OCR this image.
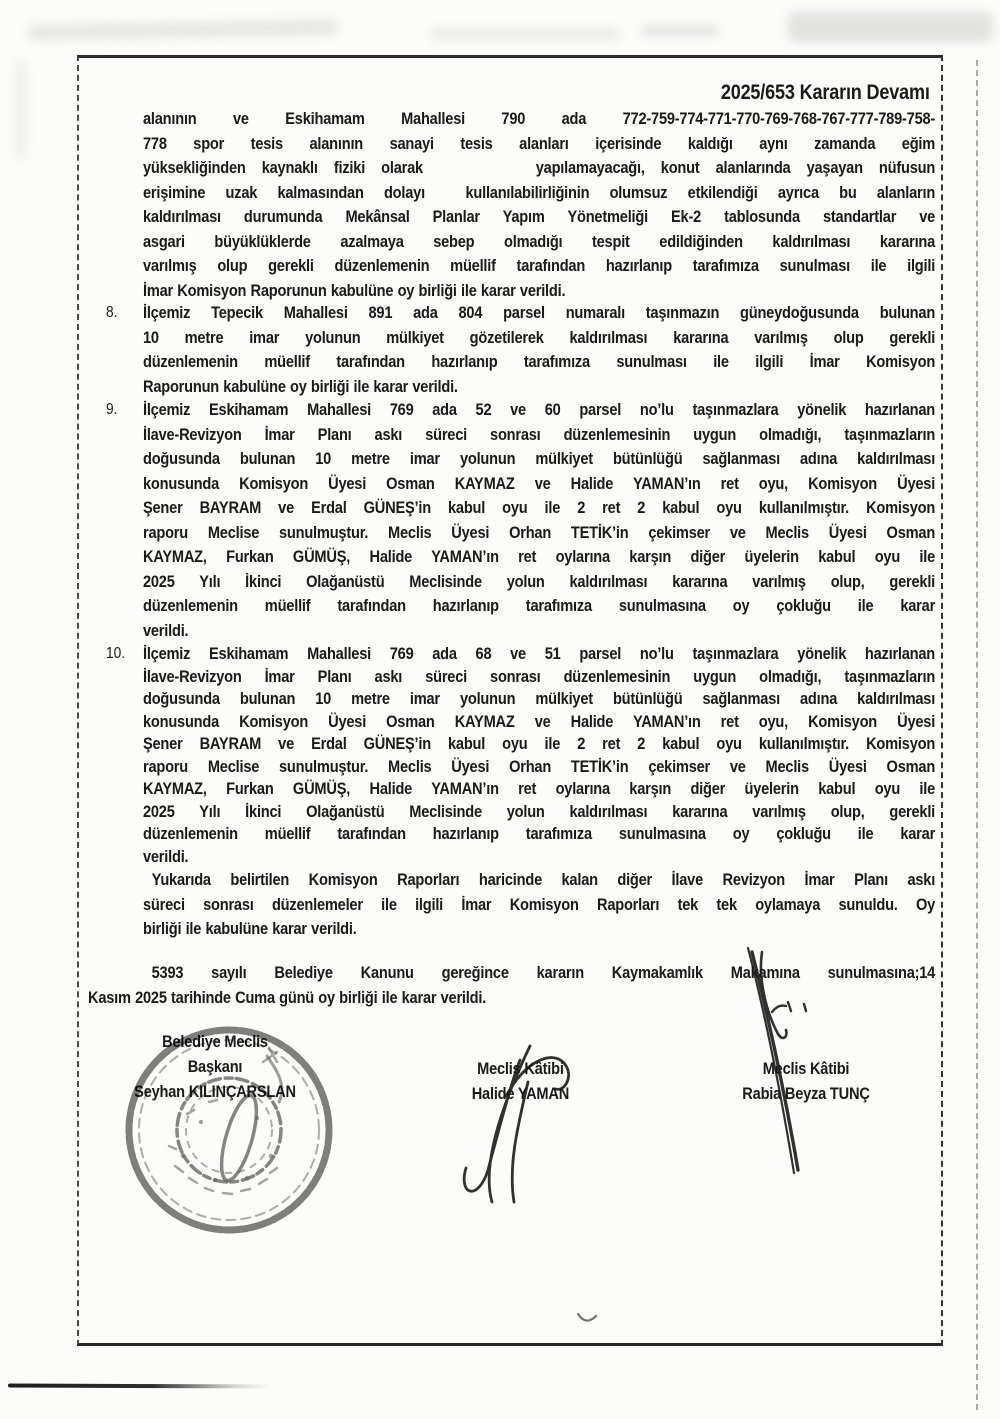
2025/653 Kararın Devamı
alanının ve Eskihamam Mahallesi 790 ada 772-759-774-771-770-769-768-767-777-789-758-
778 spor tesis alanının sanayi tesis alanları içerisinde kaldığı aynı zamanda eğim
yüksekliğinden kaynaklı fiziki olarak       yapılamayacağı, konut alanlarında yaşayan nüfusun
erişimine uzak kalmasından dolayı  kullanılabilirliğinin olumsuz etkilendiği ayrıca bu alanların
kaldırılması durumunda Mekânsal Planlar Yapım Yönetmeliği Ek-2 tablosunda standartlar ve
asgari büyüklüklerde azalmaya sebep olmadığı tespit edildiğinden kaldırılması kararına
varılmış olup gerekli düzenlemenin müellif tarafından hazırlanıp tarafımıza sunulması ile ilgili
İmar Komisyon Raporunun kabulüne oy birliği ile karar verildi.
8.	İlçemiz Tepecik Mahallesi 891 ada 804 parsel numaralı taşınmazın güneydoğusunda bulunan
10 metre imar yolunun mülkiyet gözetilerek kaldırılması kararına varılmış olup gerekli
düzenlemenin müellif tarafından hazırlanıp tarafımıza sunulması ile ilgili İmar Komisyon
Raporunun kabulüne oy birliği ile karar verildi.
9.	İlçemiz Eskihamam Mahallesi 769 ada 52 ve 60 parsel no’lu taşınmazlara yönelik hazırlanan
İlave-Revizyon İmar Planı askı süreci sonrası düzenlemesinin uygun olmadığı, taşınmazların
doğusunda bulunan 10 metre imar yolunun mülkiyet bütünlüğü sağlanması adına kaldırılması
konusunda Komisyon Üyesi Osman KAYMAZ ve Halide YAMAN’ın ret oyu, Komisyon Üyesi
Şener BAYRAM ve Erdal GÜNEŞ’in kabul oyu ile 2 ret 2 kabul oyu kullanılmıştır. Komisyon
raporu Meclise sunulmuştur. Meclis Üyesi Orhan TETİK’in çekimser ve Meclis Üyesi Osman
KAYMAZ, Furkan GÜMÜŞ, Halide YAMAN’ın ret oylarına karşın diğer üyelerin kabul oyu ile
2025 Yılı İkinci Olağanüstü Meclisinde yolun kaldırılması kararına varılmış olup, gerekli
düzenlemenin müellif tarafından hazırlanıp tarafımıza sunulmasına oy çokluğu ile karar
verildi.
10.	İlçemiz Eskihamam Mahallesi 769 ada 68 ve 51 parsel no’lu taşınmazlara yönelik hazırlanan
İlave-Revizyon İmar Planı askı süreci sonrası düzenlemesinin uygun olmadığı, taşınmazların
doğusunda bulunan 10 metre imar yolunun mülkiyet bütünlüğü sağlanması adına kaldırılması
konusunda Komisyon Üyesi Osman KAYMAZ ve Halide YAMAN’ın ret oyu, Komisyon Üyesi
Şener BAYRAM ve Erdal GÜNEŞ’in kabul oyu ile 2 ret 2 kabul oyu kullanılmıştır. Komisyon
raporu Meclise sunulmuştur. Meclis Üyesi Orhan TETİK’in çekimser ve Meclis Üyesi Osman
KAYMAZ, Furkan GÜMÜŞ, Halide YAMAN’ın ret oylarına karşın diğer üyelerin kabul oyu ile
2025 Yılı İkinci Olağanüstü Meclisinde yolun kaldırılması kararına varılmış olup, gerekli
düzenlemenin müellif tarafından hazırlanıp tarafımıza sunulmasına oy çokluğu ile karar
verildi.
Yukarıda belirtilen Komisyon Raporları haricinde kalan diğer İlave Revizyon İmar Planı askı
süreci sonrası düzenlemeler ile ilgili İmar Komisyon Raporları tek tek oylamaya sunuldu. Oy
birliği ile kabulüne karar verildi.
5393 sayılı Belediye Kanunu gereğince kararın Kaymakamlık Makamına sunulmasına;14
Kasım 2025 tarihinde Cuma günü oy birliği ile karar verildi.
Belediye Meclis
Başkanı
Seyhan KILINÇARSLAN
Meclis Kâtibi
Halide YAMAN
Meclis Kâtibi
Rabia Beyza TUNÇ
